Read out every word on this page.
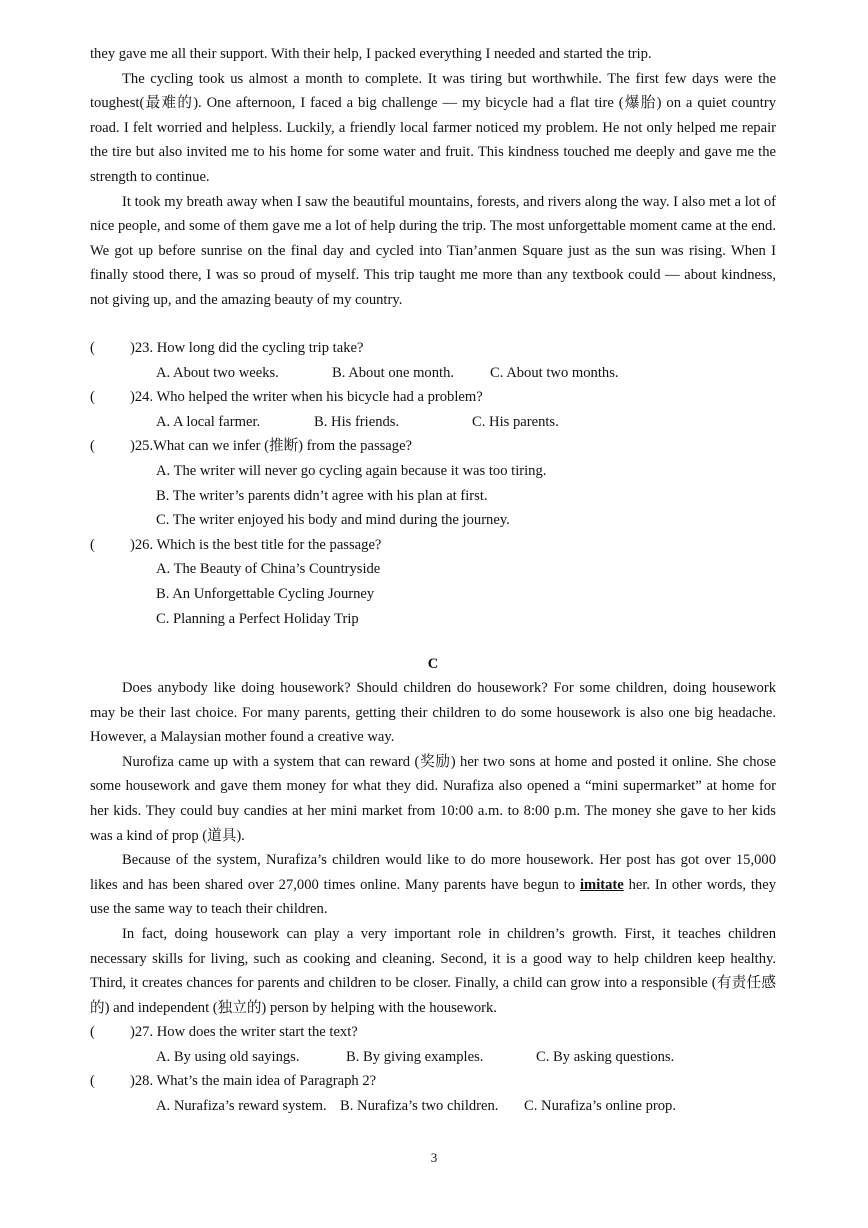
they gave me all their support. With their help, I packed everything I needed and started the trip.

The cycling took us almost a month to complete. It was tiring but worthwhile. The first few days were the toughest(最难的). One afternoon, I faced a big challenge — my bicycle had a flat tire (爆胎) on a quiet country road. I felt worried and helpless. Luckily, a friendly local farmer noticed my problem. He not only helped me repair the tire but also invited me to his home for some water and fruit. This kindness touched me deeply and gave me the strength to continue.

It took my breath away when I saw the beautiful mountains, forests, and rivers along the way. I also met a lot of nice people, and some of them gave me a lot of help during the trip. The most unforgettable moment came at the end. We got up before sunrise on the final day and cycled into Tian’anmen Square just as the sun was rising. When I finally stood there, I was so proud of myself. This trip taught me more than any textbook could — about kindness, not giving up, and the amazing beauty of my country.

(	)23. How long did the cycling trip take?
A. About two weeks.	B. About one month.	C. About two months.
(	)24. Who helped the writer when his bicycle had a problem?
A. A local farmer.	B. His friends.	C. His parents.
(	)25.What can we infer (推断) from the passage?
A. The writer will never go cycling again because it was too tiring.
B. The writer’s parents didn’t agree with his plan at first.
C. The writer enjoyed his body and mind during the journey.
(	)26. Which is the best title for the passage?
A. The Beauty of China’s Countryside
B. An Unforgettable Cycling Journey
C. Planning a Perfect Holiday Trip
C

Does anybody like doing housework? Should children do housework? For some children, doing housework may be their last choice. For many parents, getting their children to do some housework is also one big headache. However, a Malaysian mother found a creative way.

Nurofiza came up with a system that can reward (奖励) her two sons at home and posted it online. She chose some housework and gave them money for what they did. Nurafiza also opened a “mini supermarket” at home for her kids. They could buy candies at her mini market from 10:00 a.m. to 8:00 p.m. The money she gave to her kids was a kind of prop (道具).

Because of the system, Nurafiza’s children would like to do more housework. Her post has got over 15,000 likes and has been shared over 27,000 times online. Many parents have begun to imitate her. In other words, they use the same way to teach their children.

In fact, doing housework can play a very important role in children’s growth. First, it teaches children necessary skills for living, such as cooking and cleaning. Second, it is a good way to help children keep healthy. Third, it creates chances for parents and children to be closer. Finally, a child can grow into a responsible (有责任感的) and independent (独立的) person by helping with the housework.

(	)27. How does the writer start the text?
A. By using old sayings.	B. By giving examples.	C. By asking questions.
(	)28. What’s the main idea of Paragraph 2?
A. Nurafiza’s reward system. B. Nurafiza’s two children.	C. Nurafiza’s online prop.
3
